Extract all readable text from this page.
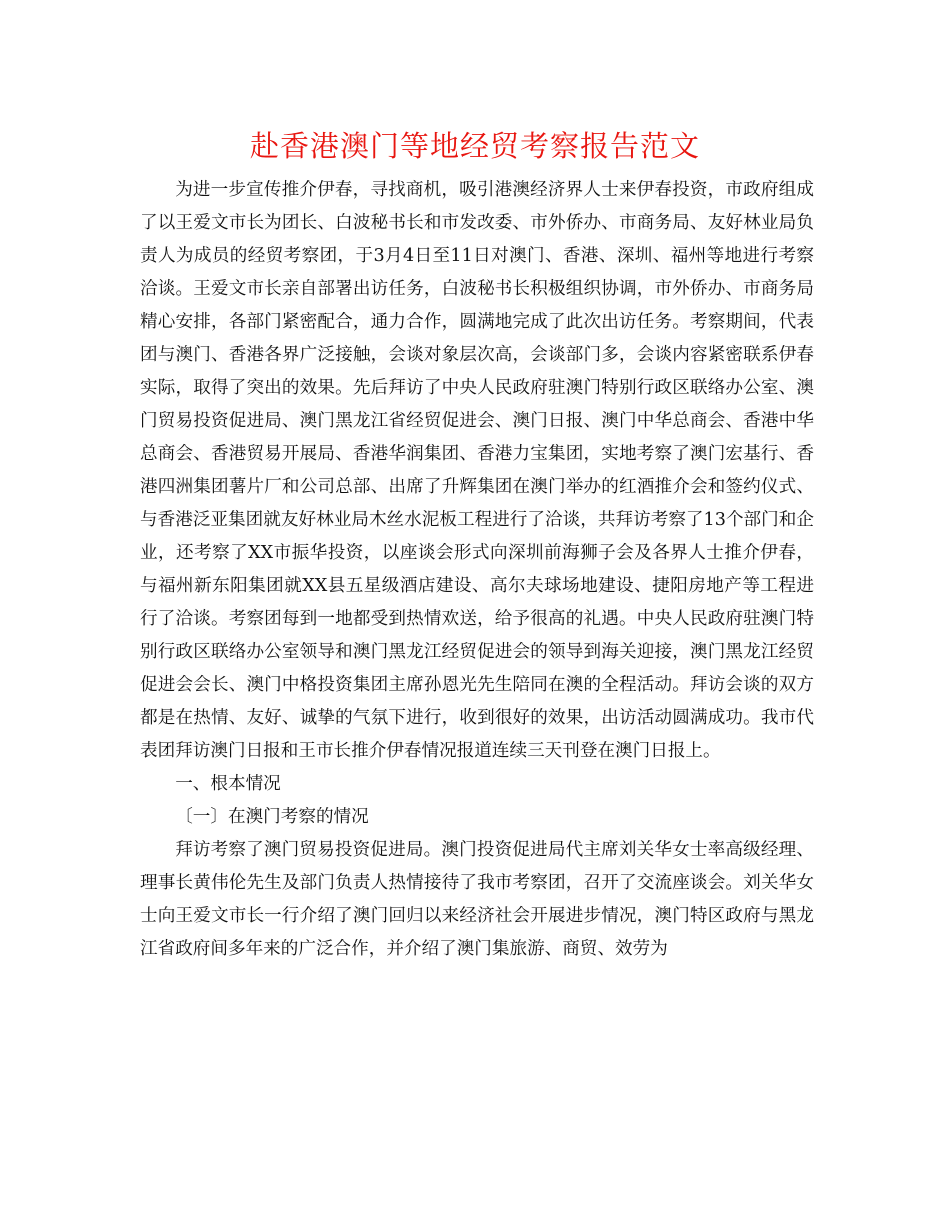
赴香港澳门等地经贸考察报告范文

为进一步宣传推介伊春，寻找商机，吸引港澳经济界人士来伊春投资，市政府组成了以王爱文市长为团长、白波秘书长和市发改委、市外侨办、市商务局、友好林业局负责人为成员的经贸考察团，于3月4日至11日对澳门、香港、深圳、福州等地进行考察洽谈。王爱文市长亲自部署出访任务，白波秘书长积极组织协调，市外侨办、市商务局精心安排，各部门紧密配合，通力合作，圆满地完成了此次出访任务。考察期间，代表团与澳门、香港各界广泛接触，会谈对象层次高，会谈部门多，会谈内容紧密联系伊春实际，取得了突出的效果。先后拜访了中央人民政府驻澳门特别行政区联络办公室、澳门贸易投资促进局、澳门黑龙江省经贸促进会、澳门日报、澳门中华总商会、香港中华总商会、香港贸易开展局、香港华润集团、香港力宝集团，实地考察了澳门宏基行、香港四洲集团薯片厂和公司总部、出席了升辉集团在澳门举办的红酒推介会和签约仪式、与香港泛亚集团就友好林业局木丝水泥板工程进行了洽谈，共拜访考察了13个部门和企业，还考察了XX市振华投资，以座谈会形式向深圳前海狮子会及各界人士推介伊春，与福州新东阳集团就XX县五星级酒店建设、高尔夫球场地建设、捷阳房地产等工程进行了洽谈。考察团每到一地都受到热情欢送，给予很高的礼遇。中央人民政府驻澳门特别行政区联络办公室领导和澳门黑龙江经贸促进会的领导到海关迎接，澳门黑龙江经贸促进会会长、澳门中格投资集团主席孙恩光先生陪同在澳的全程活动。拜访会谈的双方都是在热情、友好、诚挚的气氛下进行，收到很好的效果，出访活动圆满成功。我市代表团拜访澳门日报和王市长推介伊春情况报道连续三天刊登在澳门日报上。

一、根本情况

〔一〕在澳门考察的情况

拜访考察了澳门贸易投资促进局。澳门投资促进局代主席刘关华女士率高级经理、理事长黄伟伦先生及部门负责人热情接待了我市考察团，召开了交流座谈会。刘关华女士向王爱文市长一行介绍了澳门回归以来经济社会开展进步情况，澳门特区政府与黑龙江省政府间多年来的广泛合作，并介绍了澳门集旅游、商贸、效劳为
